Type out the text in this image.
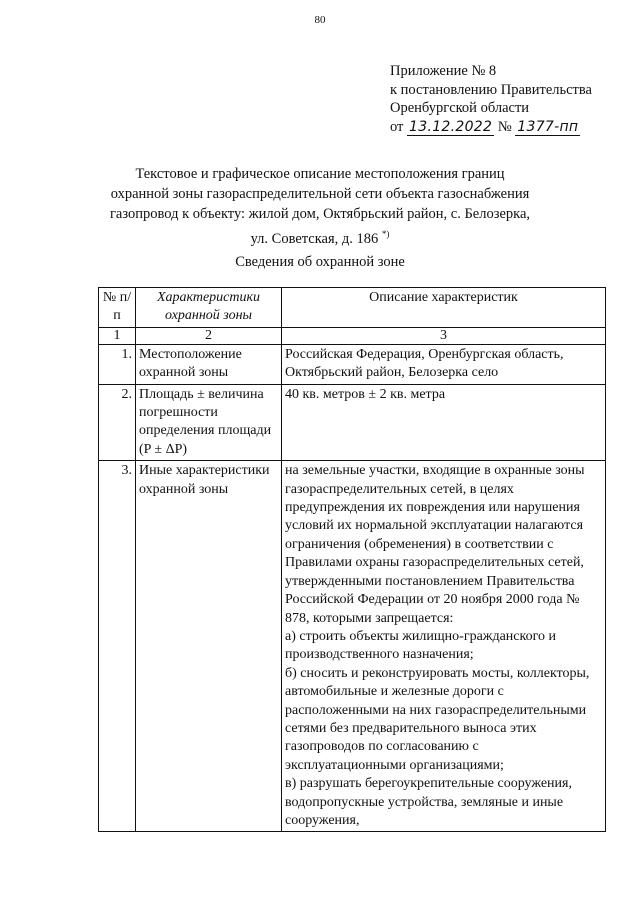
80
Приложение № 8
к постановлению Правительства
Оренбургской области
от 13.12.2022 № 1377-пп
Текстовое и графическое описание местоположения границ
охранной зоны газораспределительной сети объекта газоснабжения
газопровод к объекту: жилой дом, Октябрьский район, с. Белозерка,
ул. Советская, д. 186 *)
Сведения об охранной зоне
№ п/п	Характеристики охранной зоны	Описание характеристик
1	2	3
1.	Местоположение охранной зоны	Российская Федерация, Оренбургская область, Октябрьский район, Белозерка село
2.	Площадь ± величина погрешности определения площади (P ± ΔP)	40 кв. метров ± 2 кв. метра
3.	Иные характеристики охранной зоны	на земельные участки, входящие в охранные зоны газораспределительных сетей, в целях предупреждения их повреждения или нарушения условий их нормальной эксплуатации налагаются ограничения (обременения) в соответствии с Правилами охраны газораспределительных сетей, утвержденными постановлением Правительства Российской Федерации от 20 ноября 2000 года № 878, которыми запрещается:

а) строить объекты жилищно-гражданского и производственного назначения;

б) сносить и реконструировать мосты, коллекторы, автомобильные и железные дороги с расположенными на них газораспределительными сетями без предварительного выноса этих газопроводов по согласованию с эксплуатационными организациями;

в) разрушать берегоукрепительные сооружения, водопропускные устройства, земляные и иные сооружения,
